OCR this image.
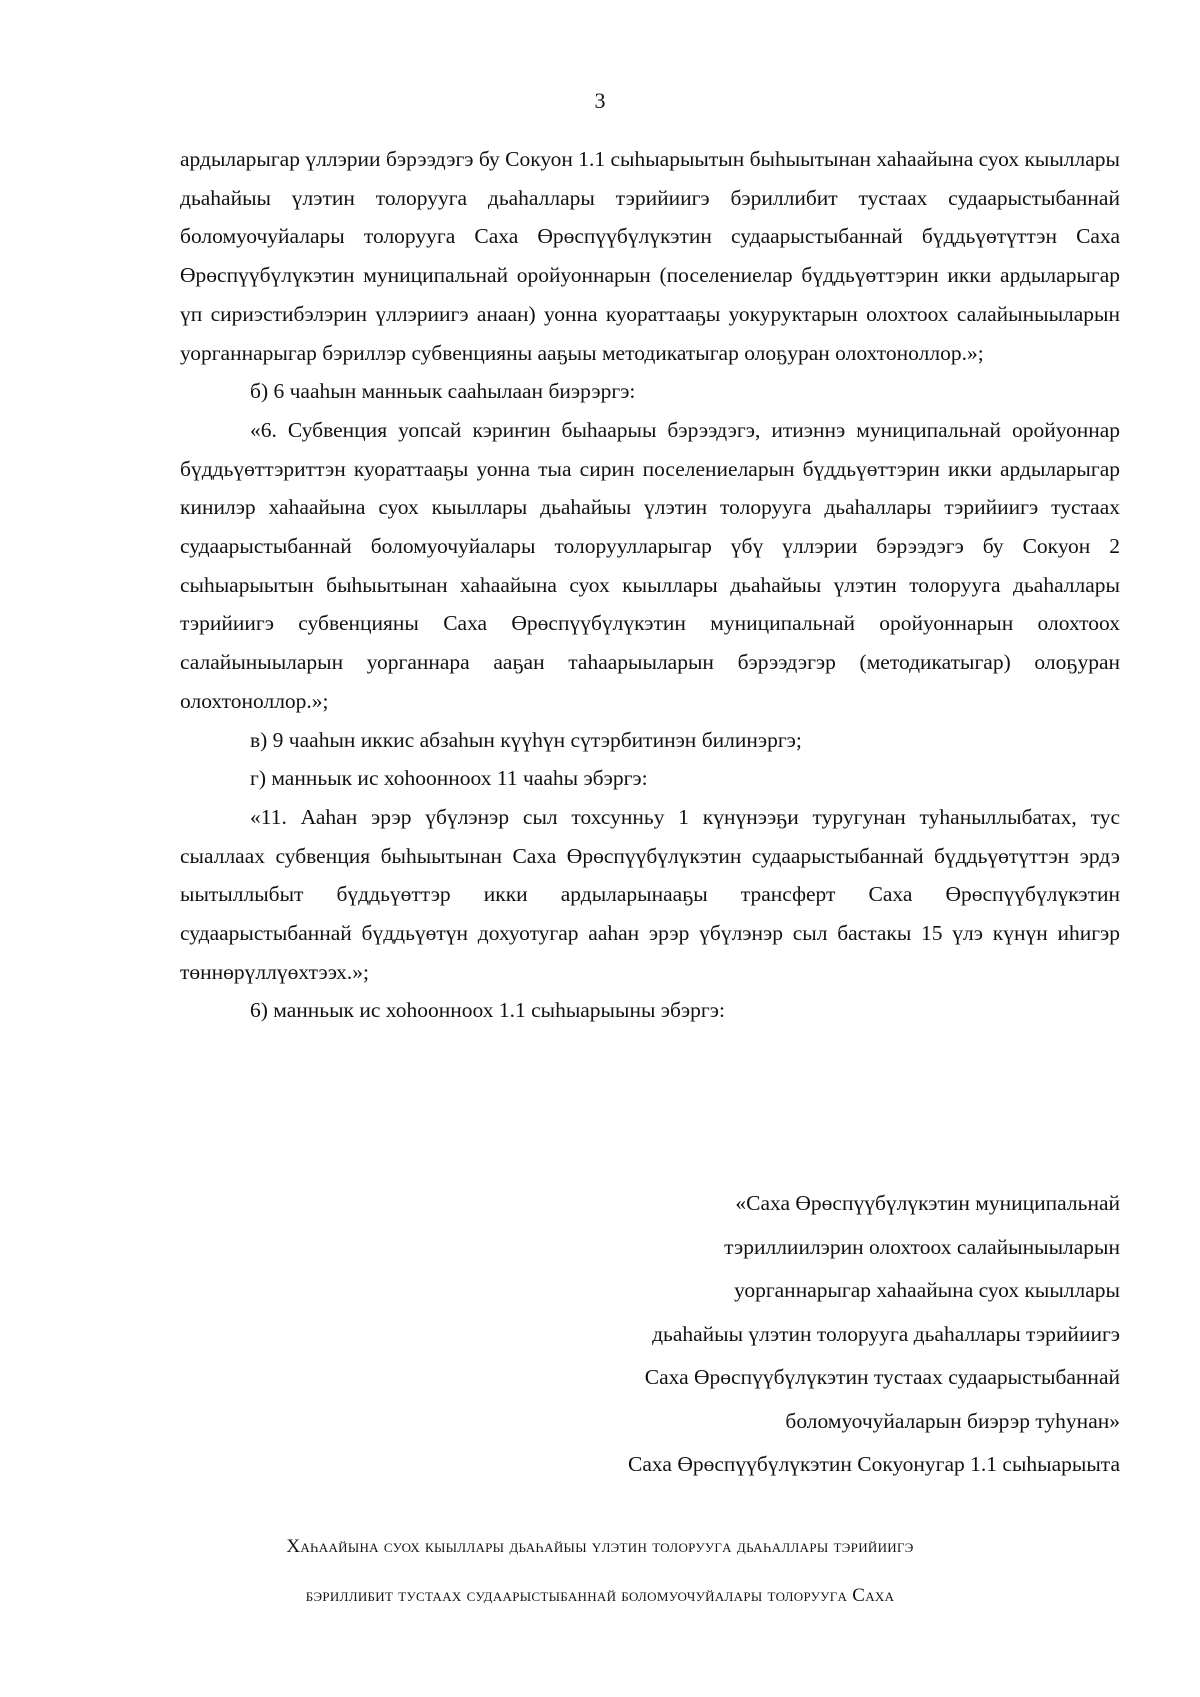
3

ардыларыгар үллэрии бэрээдэгэ бу Сокуон 1.1 сыһыарыытын быһыытынан хаһаайына суох кыыллары дьаһайыы үлэтин толоруугa дьаһаллары тэрийиигэ бэриллибит тустаах судаарыстыбаннай боломуочуйалары толоруугa Саха Өрөспүүбүлүкэтин судаарыстыбаннай бүддьүөтүттэн Саха Өрөспүүбүлүкэтин муниципальнай оройуоннарын (поселениелар бүддьүөттэрин икки ардыларыгар үп сириэстибэлэрин үллэриигэ анаан) уонна куораттааҕы уокуруктарын олохтоох салайыныыларын уорганнарыгар бэриллэр субвенцияны ааҕыы методикатыгар олоҕуран олохтоноллор.»;

б) 6 чааһын манньык сааһылаан биэрэргэ:

«6. Субвенция уопсай кэриҥин быһаарыы бэрээдэгэ, итиэннэ муниципальнай оройуоннар бүддьүөттэриттэн куораттааҕы уонна тыа сирин поселениеларын бүддьүөттэрин икки ардыларыгар кинилэр хаһаайына суох кыыллары дьаһайыы үлэтин толоруугa дьаһаллары тэрийиигэ тустаах судаарыстыбаннай боломуочуйалары толоруулларыгар үбү үллэрии бэрээдэгэ бу Сокуон 2 сыһыарыытын быһыытынан хаһаайына суох кыыллары дьаһайыы үлэтин толоруугa дьаһаллары тэрийиигэ субвенцияны Саха Өрөспүүбүлүкэтин муниципальнай оройуоннарын олохтоох салайыныыларын уорганнара ааҕан таһаарыыларын бэрээдэгэр (методикатыгар) олоҕуран олохтоноллор.»;

в) 9 чааһын иккис абзаһын күүһүн сүтэрбитинэн билинэргэ;

г) манньык ис хоһоонноох 11 чааһы эбэргэ:

«11. Ааһан эрэр үбүлэнэр сыл тохсунньу 1 күнүнээҕи туругунан туһаныллыбатах, тус сыаллаах субвенция быһыытынан Саха Өрөспүүбүлүкэтин судаарыстыбаннай бүддьүөтүттэн эрдэ ыытыллыбыт бүддьүөттэр икки ардыларынааҕы трансферт Саха Өрөспүүбүлүкэтин судаарыстыбаннай бүддьүөтүн дохуотугар ааһан эрэр үбүлэнэр сыл бастакы 15 үлэ күнүн иһигэр төннөрүллүөхтээх.»;

6) манньык ис хоһоонноох 1.1 сыһыарыыны эбэргэ:

«Саха Өрөспүүбүлүкэтин муниципальнай
тэриллиилэрин олохтоох салайыныыларын
уорганнарыгар хаһаайына суох кыыллары
дьаһайыы үлэтин толоруугa дьаһаллары тэрийиигэ
Саха Өрөспүүбүлүкэтин тустаах судаарыстыбаннай
боломуочуйаларын биэрэр туһунан»
Саха Өрөспүүбүлүкэтин Сокуонугар 1.1 сыһыарыыта
Хаһаайына суох кыыллары дьаһайыы үлэтин толоруугa дьаһаллары тэрийиигэ
бэриллибит тустаах судаарыстыбаннай боломуочуйалары толоруугa Саха
